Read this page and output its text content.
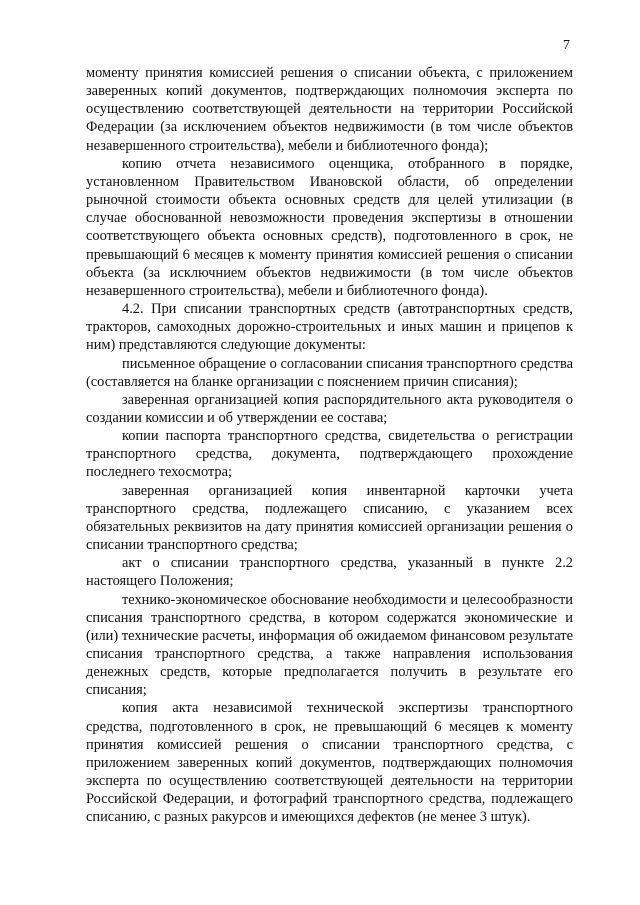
7

моменту принятия комиссией решения о списании объекта, с приложением заверенных копий документов, подтверждающих полномочия эксперта по осуществлению соответствующей деятельности на территории Российской Федерации (за исключением объектов недвижимости (в том числе объектов незавершенного строительства), мебели и библиотечного фонда);

копию отчета независимого оценщика, отобранного в порядке, установленном Правительством Ивановской области, об определении рыночной стоимости объекта основных средств для целей утилизации (в случае обоснованной невозможности проведения экспертизы в отношении соответствующего объекта основных средств), подготовленного в срок, не превышающий 6 месяцев к моменту принятия комиссией решения о списании объекта (за исключнием объектов недвижимости (в том числе объектов незавершенного строительства), мебели и библиотечного фонда).

4.2. При списании транспортных средств (автотранспортных средств, тракторов, самоходных дорожно-строительных и иных машин и прицепов к ним) представляются следующие документы:

письменное обращение о согласовании списания транспортного средства (составляется на бланке организации с пояснением причин списания);

заверенная организацией копия распорядительного акта руководителя о создании комиссии и об утверждении ее состава;

копии паспорта транспортного средства, свидетельства о регистрации транспортного средства, документа, подтверждающего прохождение последнего техосмотра;

заверенная организацией копия инвентарной карточки учета транспортного средства, подлежащего списанию, с указанием всех обязательных реквизитов на дату принятия комиссией организации решения о списании транспортного средства;

акт о списании транспортного средства, указанный в пункте 2.2 настоящего Положения;

технико-экономическое обоснование необходимости и целесообразности списания транспортного средства, в котором содержатся экономические и (или) технические расчеты, информация об ожидаемом финансовом результате списания транспортного средства, а также направления использования денежных средств, которые предполагается получить в результате его списания;

копия акта независимой технической экспертизы транспортного средства, подготовленного в срок, не превышающий 6 месяцев к моменту принятия комиссией решения о списании транспортного средства, с приложением заверенных копий документов, подтверждающих полномочия эксперта по осуществлению соответствующей деятельности на территории Российской Федерации, и фотографий транспортного средства, подлежащего списанию, с разных ракурсов и имеющихся дефектов (не менее 3 штук).
